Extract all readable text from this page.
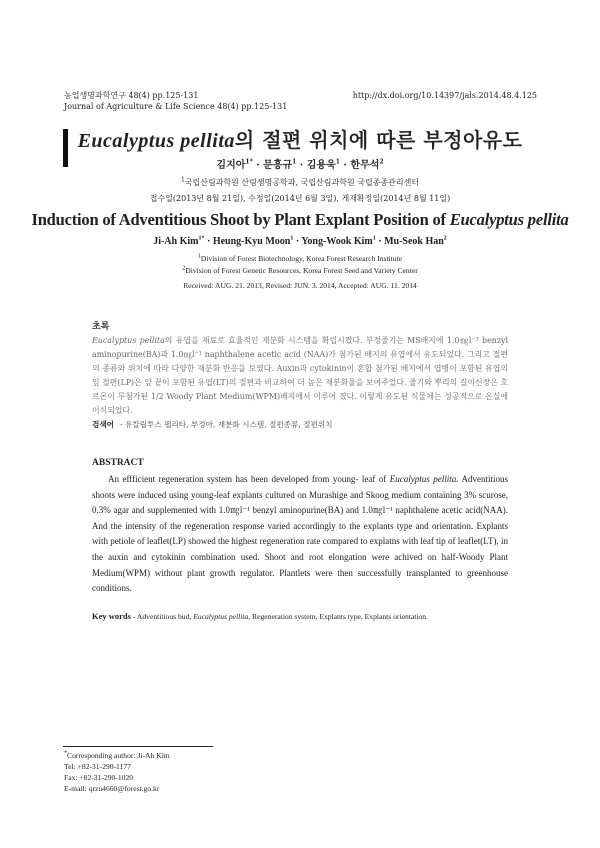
농업생명과학연구 48(4) pp.125-131	http://dx.doi.org/10.14397/jals.2014.48.4.125
Journal of Agriculture & Life Science 48(4) pp.125-131
Eucalyptus pellita의 절편 위치에 따른 부정아유도
김지아$^{1*}$ · 문흥규$^1$ · 김용욱$^1$ · 한무석$^2$
$^1$국립산림과학원 산림생명공학과, 국립산림과학원 국립종종관리센터
접수일(2013년 8월 21일), 수정일(2014년 6월 3일), 게재확정일(2014년 8월 11일)
Induction of Adventitious Shoot by Plant Explant Position of Eucalyptus pellita
Ji-Ah Kim$^{1*}$ · Heung-Kyu Moon$^1$ · Yong-Wook Kim$^1$ · Mu-Seok Han$^2$
$^1$Division of Forest Biotechnology, Korea Forest Research Institute
$^2$Division of Forest Genetic Resources, Korea Forest Seed and Variety Center
Received: AUG. 21. 2013, Revised: JUN. 3. 2014, Accepted: AUG. 11. 2014
초록
Eucalyptus pellita의 유엽을 재료로 효율적인 재분화 시스템을 확립시켰다. 부정줄기는 MS배지에 1.0㎎l⁻¹ benzyl aminopurine(BA)과 1.0㎎l⁻¹ naphthalene acetic acid (NAA)가 첨가된 배지의 유엽에서 유도되었다. 그리고 절편의 종류와 위치에 따라 다양한 재분화 반응을 보였다. Auxin과 cytokinin이 혼합 첨가된 배지에서 엽병이 포함된 유엽의 잎 절편(LP)은 잎 끝이 포함된 유엽(LT)의 절편과 비교하여 더 높은 재분화율을 보여주었다. 줄기와 뿌리의 길이신장은 호르몬이 무첨가된 1/2 Woody Plant Medium(WPM)배지에서 이루어 졌다. 이렇게 유도된 식물체는 성공적으로 온실에 이식되었다.
검색어 - 유칼립투스 펠리타, 부정아, 재분화 시스템, 절편종류, 절편위치
ABSTRACT
An effficient regeneration system has been developed from young- leaf of Eucalyptus pellita. Adventitious shoots were induced using young-leaf explants cultured on Murashige and Skoog medium containing 3% scurose, 0.3% agar and supplemented with 1.0㎎l⁻¹ benzyl aminopurine(BA) and 1.0㎎l⁻¹ naphthalene acetic acid(NAA). And the intensity of the regeneration response varied accordingly to the explants type and orientation. Explants with petiole of leaflet(LP) showed the highest regeneration rate compared to explatns with leaf tip of leaflet(LT), in the auxin and cytokinin combination used. Shoot and root elongation were achived on half-Woody Plant Medium(WPM) without plant growth regulator. Plantlets were then successfully transplanted to greenhouse conditions.
Key words - Adventitious bud, Eucalyptus pellita, Regeneration system, Explants type, Explants orientation.
*Corresponding author: Ji-Ah Kim
Tel: +82-31-290-1177
Fax: +82-31-290-1020
E-mail: qrzu4660@forest.go.kr
